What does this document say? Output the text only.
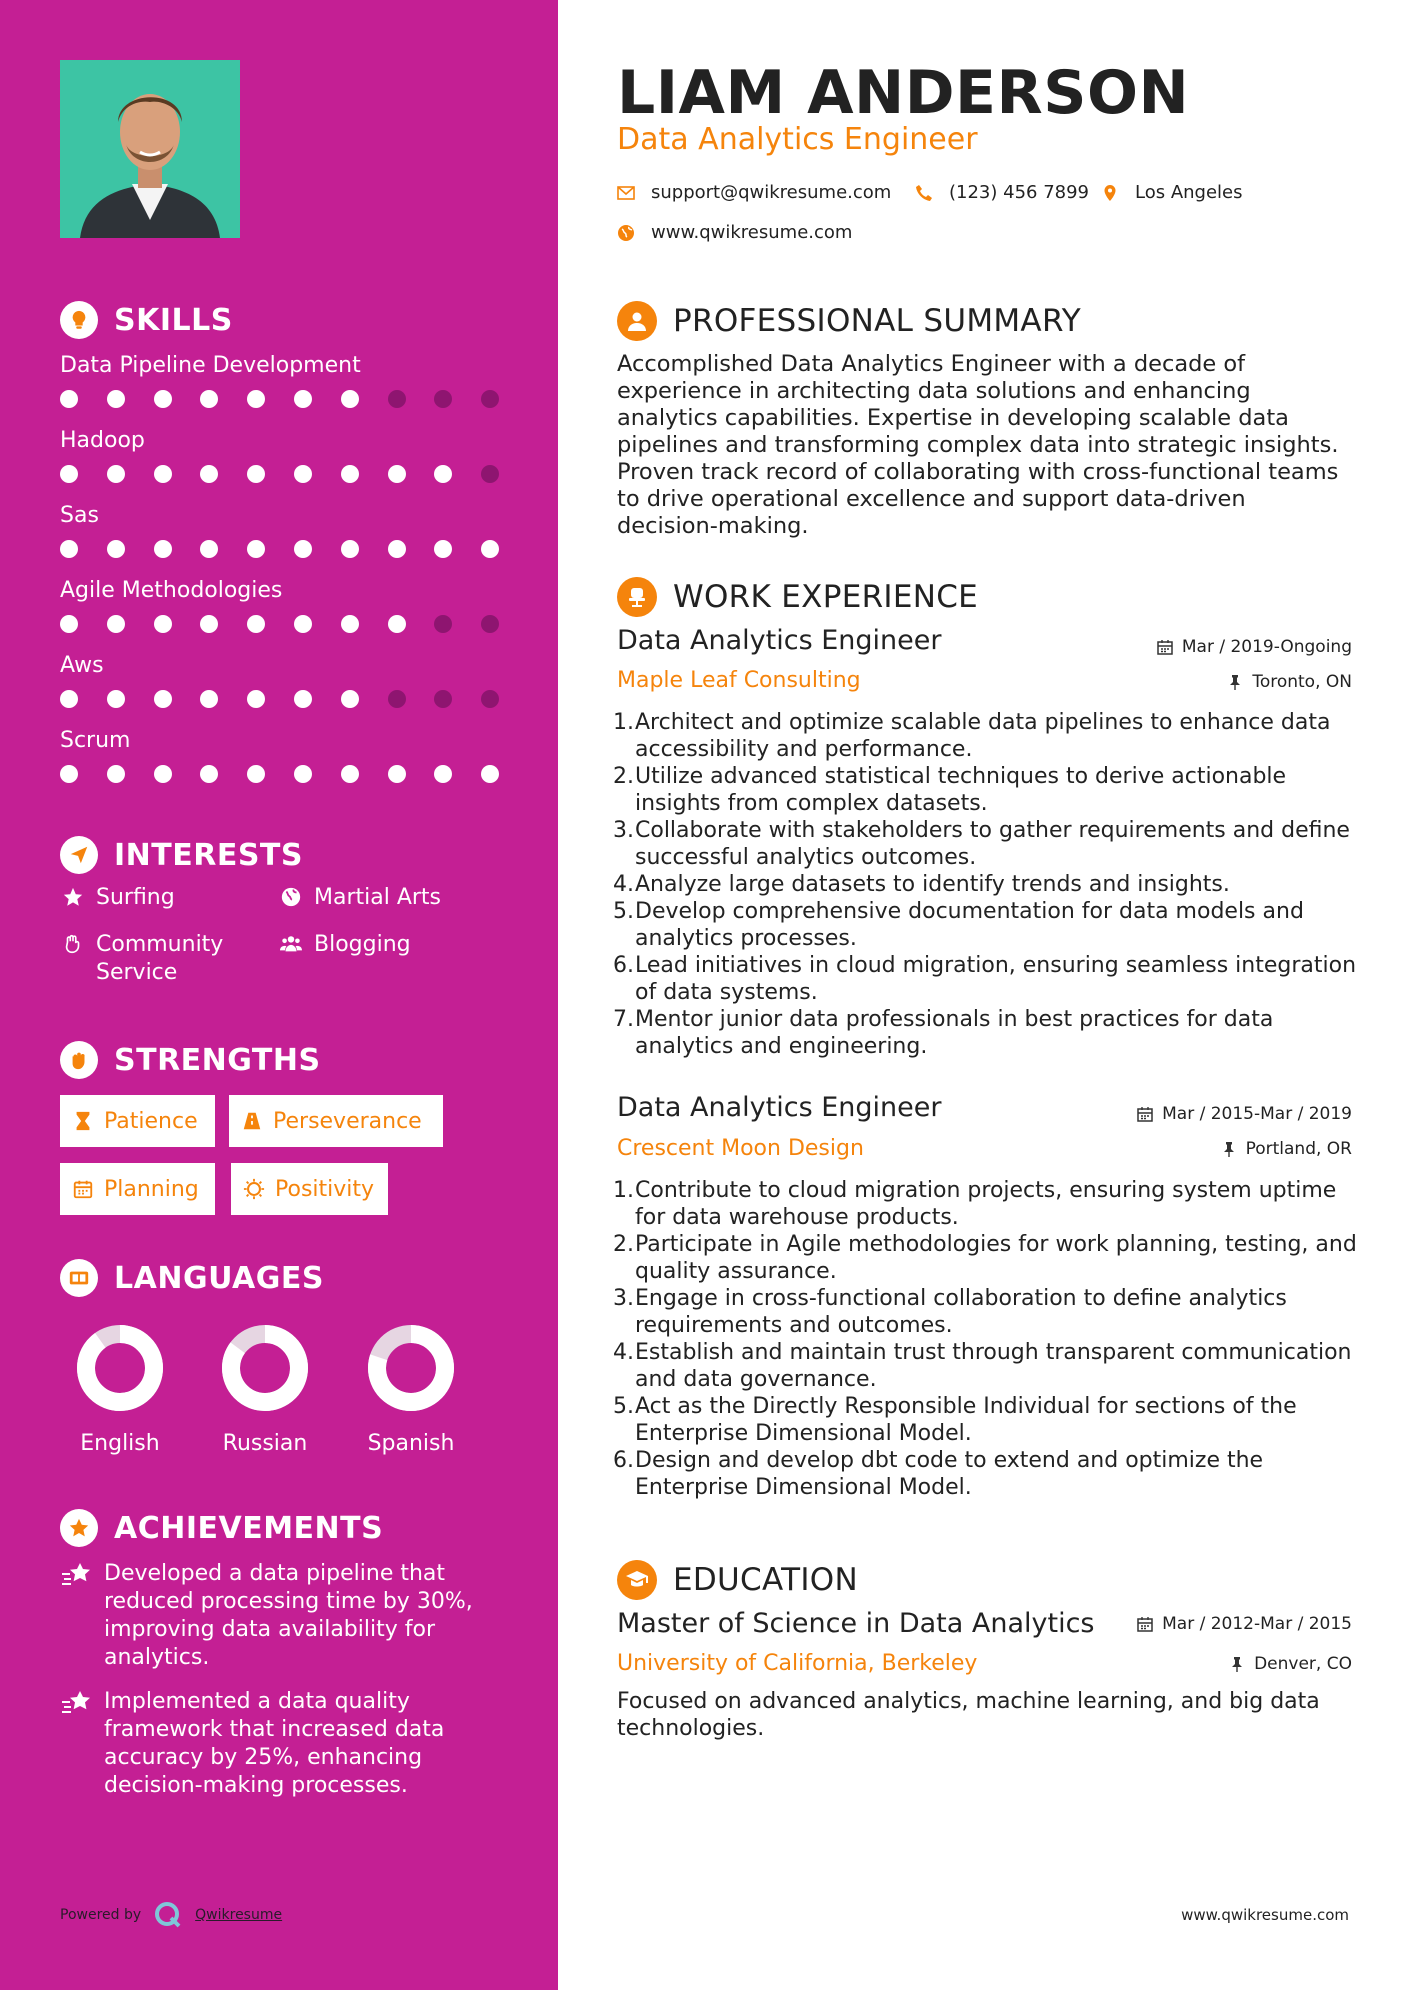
SKILLS
Data Pipeline Development
Hadoop
Sas
Agile Methodologies
Aws
Scrum
INTERESTS
Surfing	Martial Arts
Community
Service
Blogging
STRENGTHS
Patience	Perseverance
Planning	Positivity
LANGUAGES
English	Russian	Spanish
ACHIEVEMENTS
Developed a data pipeline that reduced processing time by 30%, improving data availability for analytics.
Implemented a data quality framework that increased data accuracy by 25%, enhancing decision-making processes.
Powered by	Qwikresume
LIAM ANDERSON
Data Analytics Engineer
support@qwikresume.com	(123) 456 7899	Los Angeles
www.qwikresume.com
PROFESSIONAL SUMMARY
Accomplished Data Analytics Engineer with a decade of experience in architecting data solutions and enhancing analytics capabilities. Expertise in developing scalable data pipelines and transforming complex data into strategic insights. Proven track record of collaborating with cross-functional teams to drive operational excellence and support data-driven decision-making.
WORK EXPERIENCE
Data Analytics Engineer	Mar / 2019-Ongoing
Maple Leaf Consulting	Toronto, ON
1. Architect and optimize scalable data pipelines to enhance data accessibility and performance.
2. Utilize advanced statistical techniques to derive actionable insights from complex datasets.
3. Collaborate with stakeholders to gather requirements and define successful analytics outcomes.
4. Analyze large datasets to identify trends and insights.
5. Develop comprehensive documentation for data models and analytics processes.
6. Lead initiatives in cloud migration, ensuring seamless integration of data systems.
7. Mentor junior data professionals in best practices for data analytics and engineering.
Data Analytics Engineer	Mar / 2015-Mar / 2019
Crescent Moon Design	Portland, OR
1. Contribute to cloud migration projects, ensuring system uptime for data warehouse products.
2. Participate in Agile methodologies for work planning, testing, and quality assurance.
3. Engage in cross-functional collaboration to define analytics requirements and outcomes.
4. Establish and maintain trust through transparent communication and data governance.
5. Act as the Directly Responsible Individual for sections of the Enterprise Dimensional Model.
6. Design and develop dbt code to extend and optimize the Enterprise Dimensional Model.
EDUCATION
Master of Science in Data Analytics	Mar / 2012-Mar / 2015
University of California, Berkeley	Denver, CO
Focused on advanced analytics, machine learning, and big data technologies.
www.qwikresume.com
